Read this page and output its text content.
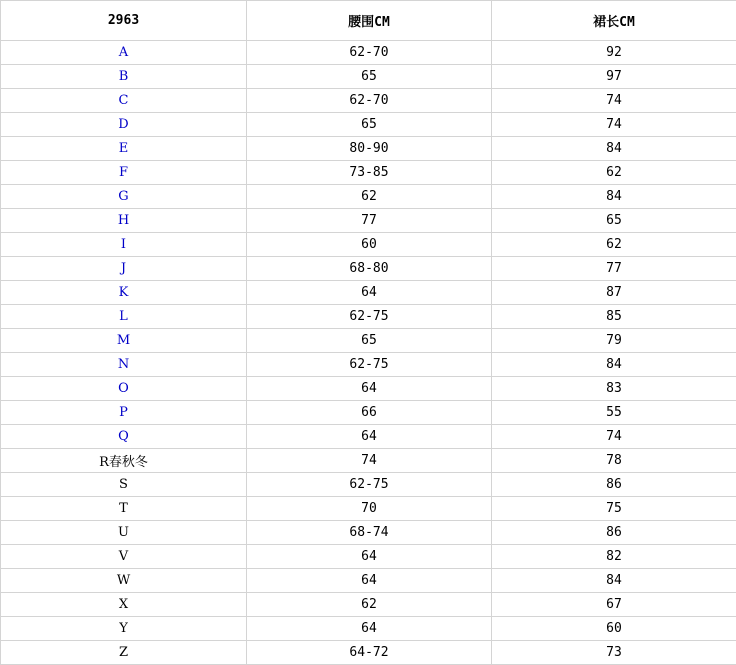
2963	腰围CM	裙长CM
A	62-70	92
B	65	97
C	62-70	74
D	65	74
E	80-90	84
F	73-85	62
G	62	84
H	77	65
I	60	62
J	68-80	77
K	64	87
L	62-75	85
M	65	79
N	62-75	84
O	64	83
P	66	55
Q	64	74
R春秋冬	74	78
S	62-75	86
T	70	75
U	68-74	86
V	64	82
W	64	84
X	62	67
Y	64	60
Z	64-72	73
